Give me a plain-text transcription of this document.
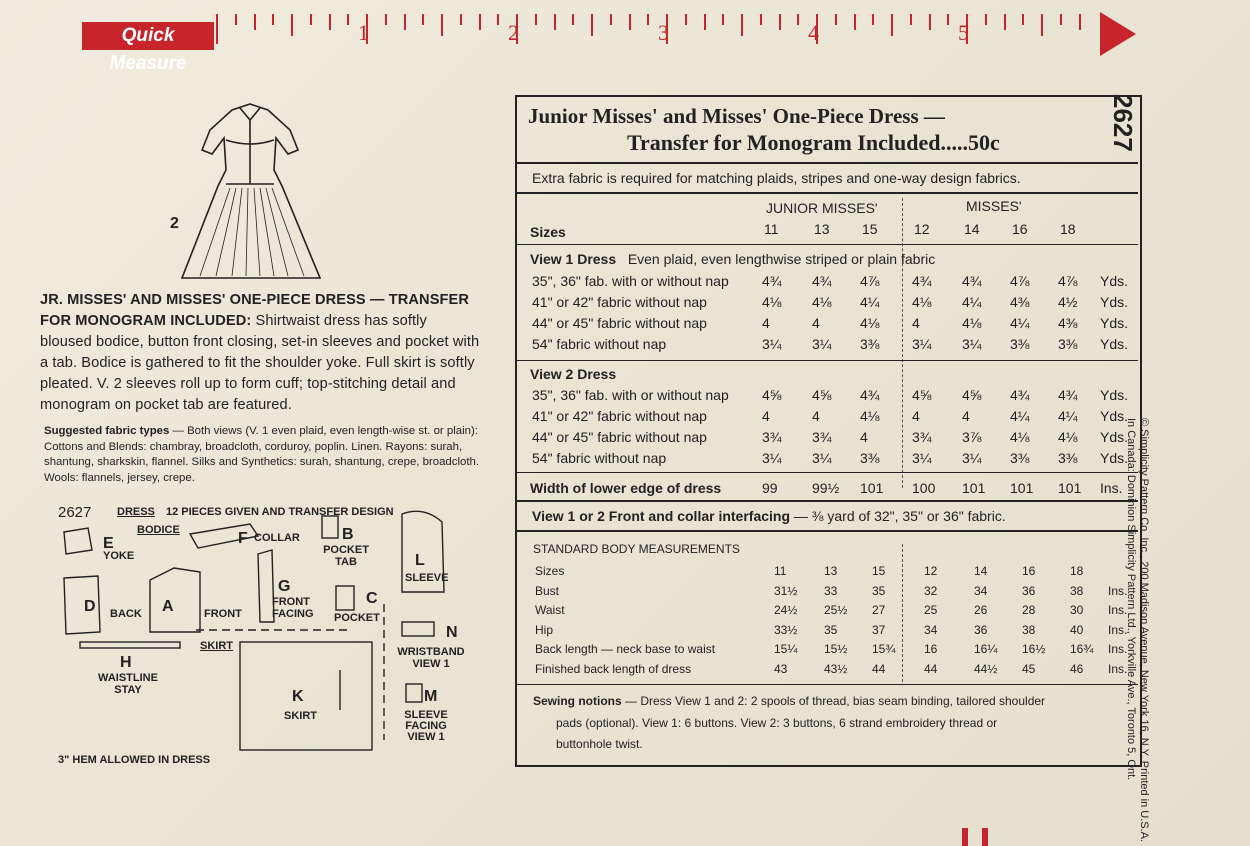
Quick Measure
1	2	3	4	5	6
2
JR. MISSES' AND MISSES' ONE-PIECE DRESS — TRANSFER FOR MONOGRAM INCLUDED: Shirtwaist dress has softly bloused bodice, button front closing, set-in sleeves and pocket with a tab. Bodice is gathered to fit the shoulder yoke. Full skirt is softly pleated. V. 2 sleeves roll up to form cuff; top-stitching detail and monogram on pocket tab are featured.
Suggested fabric types — Both views (V. 1 even plaid, even length-wise st. or plain): Cottons and Blends: chambray, broadcloth, corduroy, poplin. Linen. Rayons: surah, shantung, sharkskin, flannel. Silks and Synthetics: surah, shantung, crepe, broadcloth. Wools: flannels, jersey, crepe.
2627 DRESS 12 PIECES GIVEN AND TRANSFER DESIGN
BODICE
SKIRT
E
YOKE
F COLLAR	B
POCKET TAB	L
SLEEVE
D BACK A	FRONT
G
FRONT FACING
C
POCKET
N
WRISTBAND VIEW 1
H
WAISTLINE STAY	K
SKIRT
M
SLEEVE FACING VIEW 1
3" HEM ALLOWED IN DRESS
Junior Misses' and Misses' One-Piece Dress —
Transfer for Monogram Included.....50c
Extra fabric is required for matching plaids, stripes and one-way design fabrics.
JUNIOR MISSES'	MISSES'
Sizes	11	13 15	12 14 16 18
View 1 Dress Even plaid, even lengthwise striped or plain fabric
35", 36" fab. with or without nap 4¾ 4¾ 4⅞ 4¾ 4¾ 4⅞ 4⅞ Yds.
41" or 42" fabric without nap	4⅛ 4⅛ 4¼ 4⅛ 4¼ 4⅜ 4½ Yds.
44" or 45" fabric without nap	4	4	4⅛ 4	4⅛ 4¼ 4⅜ Yds.
54" fabric without nap	3¼ 3¼ 3⅜ 3¼ 3¼ 3⅜ 3⅜ Yds.
View 2 Dress
35", 36" fab. with or without nap 4⅝ 4⅝ 4¾ 4⅝ 4⅝ 4¾ 4¾ Yds.
41" or 42" fabric without nap	4	4	4⅛ 4	4	4¼ 4¼ Yds.
44" or 45" fabric without nap	3¾ 3¾ 4	3¾ 3⅞ 4⅛ 4⅛ Yds.
54" fabric without nap	3¼ 3¼ 3⅜ 3¼ 3¼ 3⅜ 3⅜ Yds.
Width of lower edge of dress	99 99½ 101 100 101 101 101 Ins.
View 1 or 2 Front and collar interfacing — ⅜ yard of 32", 35" or 36" fabric.
STANDARD BODY MEASUREMENTS
Sizes	11	13	15	12	14	16	18
Bust	31½ 33	35	32	34	36	38 Ins.
Waist	24½ 25½ 27	25	26	28	30 Ins.
Hip	33½ 35	37	34	36	38	40 Ins.
Back length — neck base to waist	15¼ 15½ 15¾ 16	16¼ 16½ 16¾ Ins.
Finished back length of dress	43	43½ 44	44	44½ 45	46 Ins.
Sewing notions — Dress View 1 and 2: 2 spools of thread, bias seam binding, tailored shoulder
pads (optional). View 1: 6 buttons. View 2: 3 buttons, 6 strand embroidery thread or
buttonhole twist.
2627
© Simplicity Pattern Co. Inc., 200 Madison Avenue, New York 16, N.Y. Printed in U.S.A.
In Canada: Dominion Simplicity Pattern Ltd., Yorkville Ave., Toronto 5, Ont.
